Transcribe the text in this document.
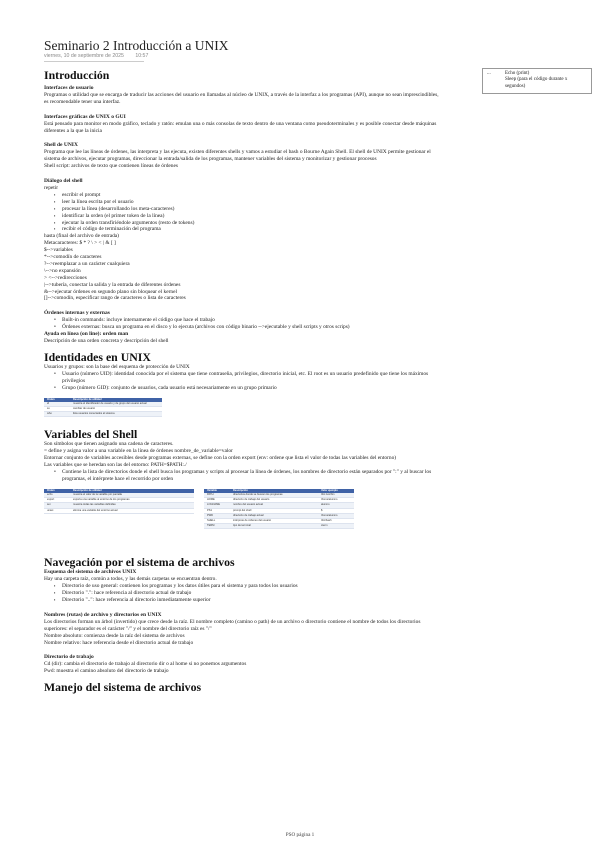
Seminario 2 Introducción a UNIX
viernes, 10 de septiembre de 2025 10:57
...	Echo (print)
Sleep (para el código durante x segundos)
Introducción
Interfaces de usuario
Programas o utilidad que se encarga de traducir las acciones del usuario en llamadas al núcleo de UNIX, a través de la interfaz a los programas (API), aunque no sean imprescindibles, es recomendable tener una interfaz.
Interfaces gráficas de UNIX o GUI
Está pensado para monitor en modo gráfico, teclado y ratón: emulan una o más consolas de texto dentro de una ventana como pseudoterminales y es posible conectar desde máquinas diferentes a la que la inicia
Shell de UNIX
Programa que lee las líneas de órdenes, las interpreta y las ejecuta, existen diferentes shells y vamos a estudiar el bash o Bourne Again Shell. El shell de UNIX permite gestionar el sistema de archivos, ejecutar programas, direccionar la entrada/salida de los programas, mantener variables del sistema y monitorizar y gestionar procesos
Shell script: archivos de texto que contienen líneas de órdenes
Diálogo del shell
repetir
▪ escribir el prompt
▪ leer la línea escrita por el usuario
▪ procesar la línea (desarrollando los meta-caracteres)
▪ identificar la orden (el primer token de la línea)
▪ ejecutar la orden transfiriéndole argumentos (resto de tokens)
▪ recibir el código de terminación del programa
hasta (final del archivo de entrada)
Metacaracteres: $ * ? \ > < | & [ ]
$-->variables
*-->comodín de caracteres
?-->reemplazar a un carácter cualquiera
\-->no expansión
> <-->redirecciones
|-->tubería, conectar la salida y la entrada de diferentes órdenes
&-->ejecutar órdenes en segundo plano sin bloquear el kernel
[]-->comodín, especificar rango de caracteres o lista de caracteres
Órdenes internas y externas
• Built-in commands: incluye internamente el código que hace el trabajo
• Órdenes externas: busca un programa en el disco y lo ejecuta (archivos con código binario -->ejecutable y shell scripts y otros scrips)
Ayuda en línea (on line): orden man
Descripción de una orden concreta y descripción del shell
Identidades en UNIX
Usuarios y grupos: son la base del esquema de protección de UNIX
• Usuario (número UID): identidad conocida por el sistema que tiene contraseña, privilegios, directorio inicial, etc. El root es un usuario predefinido que tiene los máximos privilegios
• Grupo (número GID): conjunto de usuarios, cada usuario está necesariamente en un grupo primario
Orden	Descripción de utilidad
id	muestra el identificador de usuario y de grupo del usuario actual
su	cambiar de usuario
who	lista usuarios conectados al sistema
Variables del Shell
Son símbolos que tienen asignado una cadena de caracteres.
= define y asigna valor a una variable en la línea de órdenes nombre_de_variable=valor
Entornar conjunto de variables accesibles desde programas externas, se define con la orden export (env: ordene que lista el valor de todas las variables del entorno)
Las variables que se heredan son las del entorno: PATH=$PATH:./
• Contiene la lista de directorios donde el shell busca los programas y scripts al procesar la línea de órdenes, los nombres de directorio están separados por ":" y al buscar los programas, el intérprete hace el recorrido por orden
Orden	Descripción de utilidad
echo	muestra el valor de la variable por pantalla
export	exporta una variable al entorno de los programas
set	muestra todas las variables definidas
unset	elimina una variable del entorno actual
Variable	Descripción	Valor ejemplo
PATH	directorios donde se buscan los programas	/bin:/usr/bin
HOME	directorio de trabajo del usuario	/home/alumno
LOGNAME	nombre del usuario actual	alumno
PS1	prompt del shell	$
PWD	directorio de trabajo actual	/home/alumno
SHELL	intérprete de órdenes del usuario	/bin/bash
TERM	tipo de terminal	xterm
Navegación por el sistema de archivos
Esquema del sistema de archivos UNIX
Hay una carpeta raíz, común a todos, y las demás carpetas se encuentran dentro.
▪ Directorio de uso general: contienen los programas y los datos útiles para el sistema y para todos los usuarios
▪ Directorio ".": hace referencia al directorio actual de trabajo
▪ Directorio "..": hace referencia al directorio inmediatamente superior
Nombres (rutas) de archivo y directorios en UNIX
Los directorios forman un árbol (invertido) que crece desde la raíz. El nombre completo (camino o path) de un archivo o directorio contiene el nombre de todos los directorios superiores: el separador es el carácter "/" y el nombre del directorio raíz es "/"
Nombre absoluto: comienza desde la raíz del sistema de archivos
Nombre relativo: hace referencia desde el directorio actual de trabajo
Directorio de trabajo
Cd (dir): cambia el directorio de trabajo al directorio dir o al home si no ponemos argumentos
Pwd: muestra el camino absoluto del directorio de trabajo
Manejo del sistema de archivos
PSO página 1
